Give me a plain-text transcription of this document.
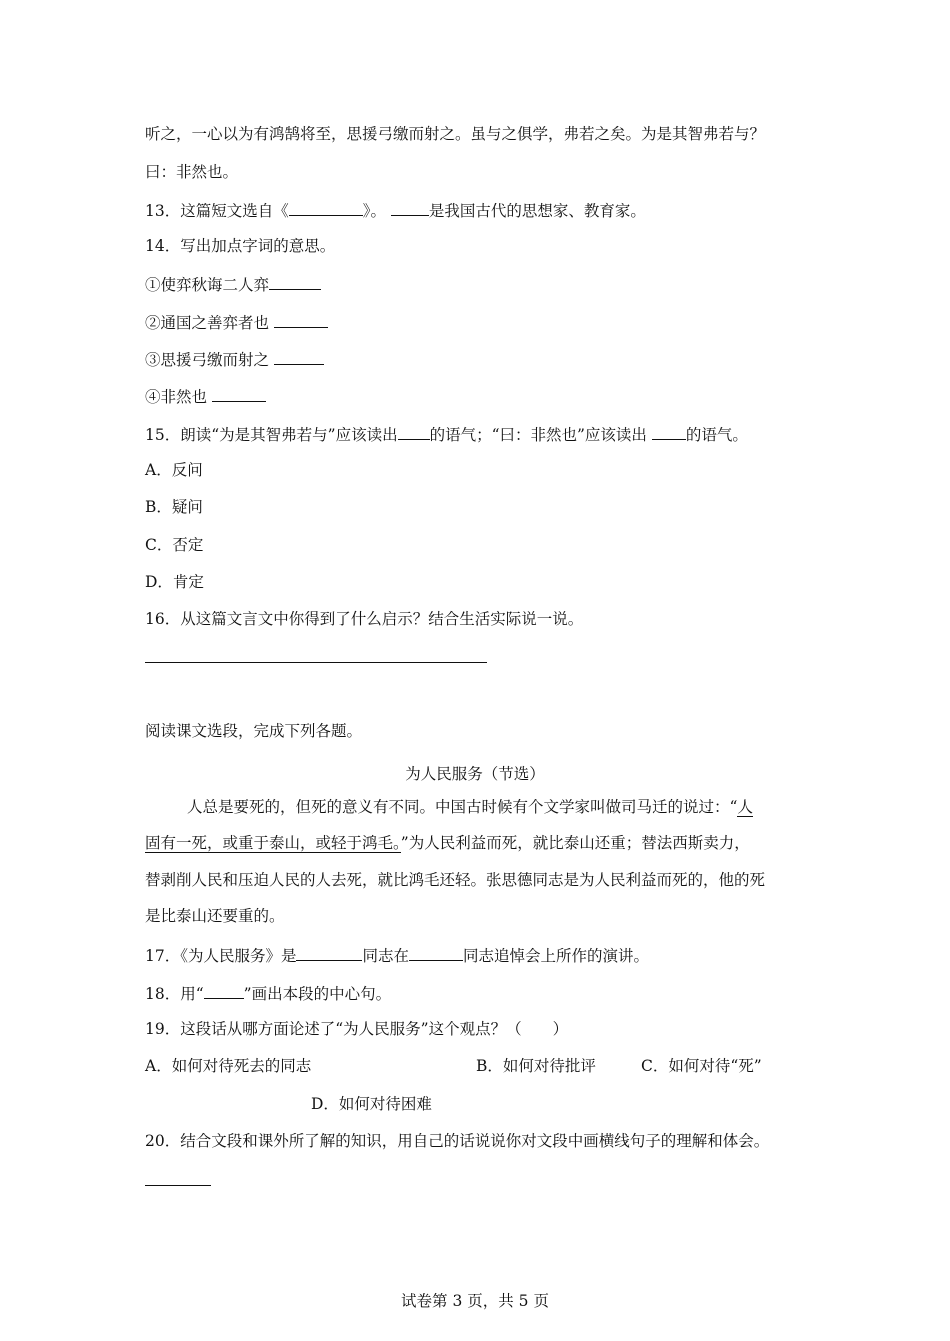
听之，一心以为有鸿鹄将至，思援弓缴而射之。虽与之俱学，弗若之矣。为是其智弗若与？
曰：非然也。
13．这篇短文选自《	》。 是我国古代的思想家、教育家。
14．写出加点字词的意思。
①使弈秋诲二人弈
②通国之善弈者也
③思援弓缴而射之
④非然也
15．朗读“为是其智弗若与”应该读出 的语气；“曰：非然也”应该读出 的语气。
A．反问
B．疑问
C．否定
D．肯定
16．从这篇文言文中你得到了什么启示？结合生活实际说一说。
阅读课文选段，完成下列各题。
为人民服务（节选）
人总是要死的，但死的意义有不同。中国古时候有个文学家叫做司马迁的说过：“人
固有一死，或重于泰山，或轻于鸿毛。”为人民利益而死，就比泰山还重；替法西斯卖力，
替剥削人民和压迫人民的人去死，就比鸿毛还轻。张思德同志是为人民利益而死的，他的死
是比泰山还要重的。
17．《为人民服务》是	同志在	同志追悼会上所作的演讲。
18．用“	”画出本段的中心句。
19．这段话从哪方面论述了“为人民服务”这个观点？（　　）
A．如何对待死去的同志	B．如何对待批评	C．如何对待“死”
D．如何对待困难
20．结合文段和课外所了解的知识，用自己的话说说你对文段中画横线句子的理解和体会。
试卷第 3 页，共 5 页
